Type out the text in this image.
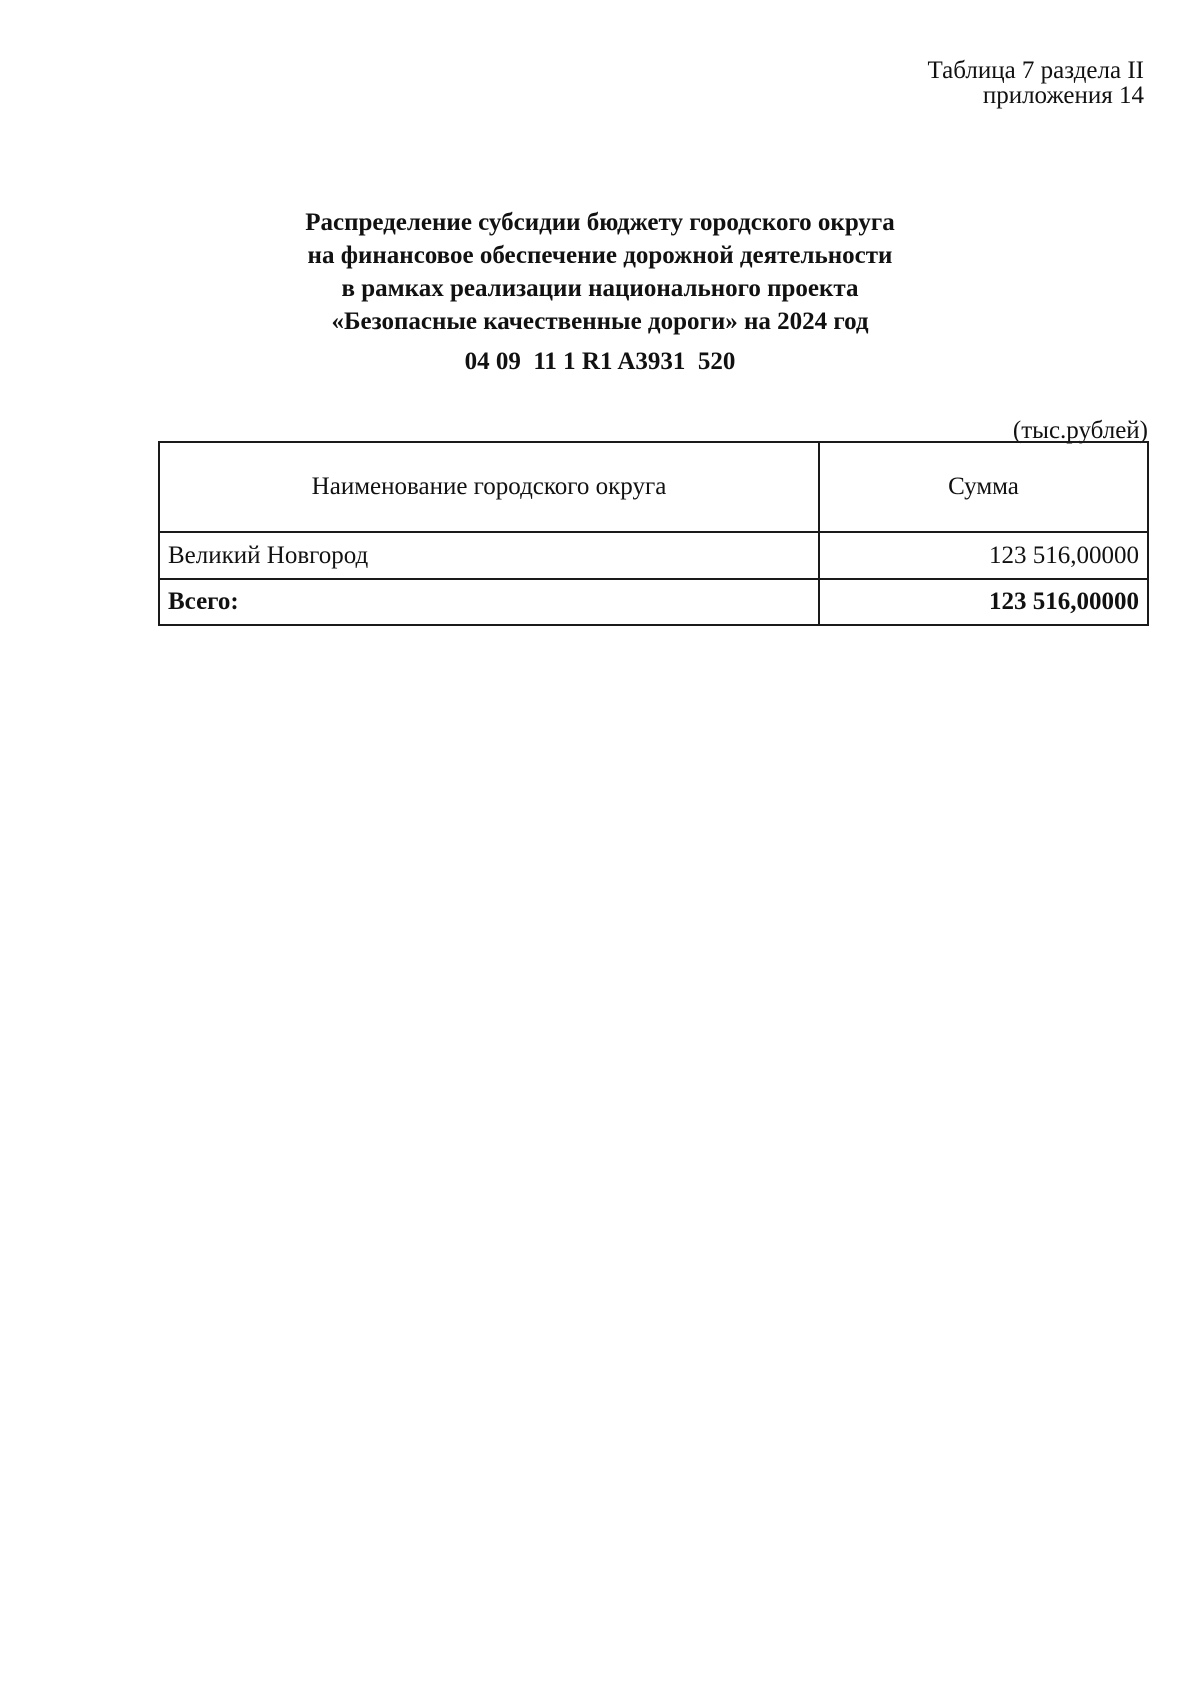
Таблица 7 раздела II
приложения 14
Распределение субсидии бюджету городского округа
на финансовое обеспечение дорожной деятельности
в рамках реализации национального проекта
«Безопасные качественные дороги» на 2024 год
04 09  11 1 R1 A3931  520
(тыс.рублей)
Наименование городского округа	Сумма
Великий Новгород	123 516,00000
Всего:	123 516,00000
